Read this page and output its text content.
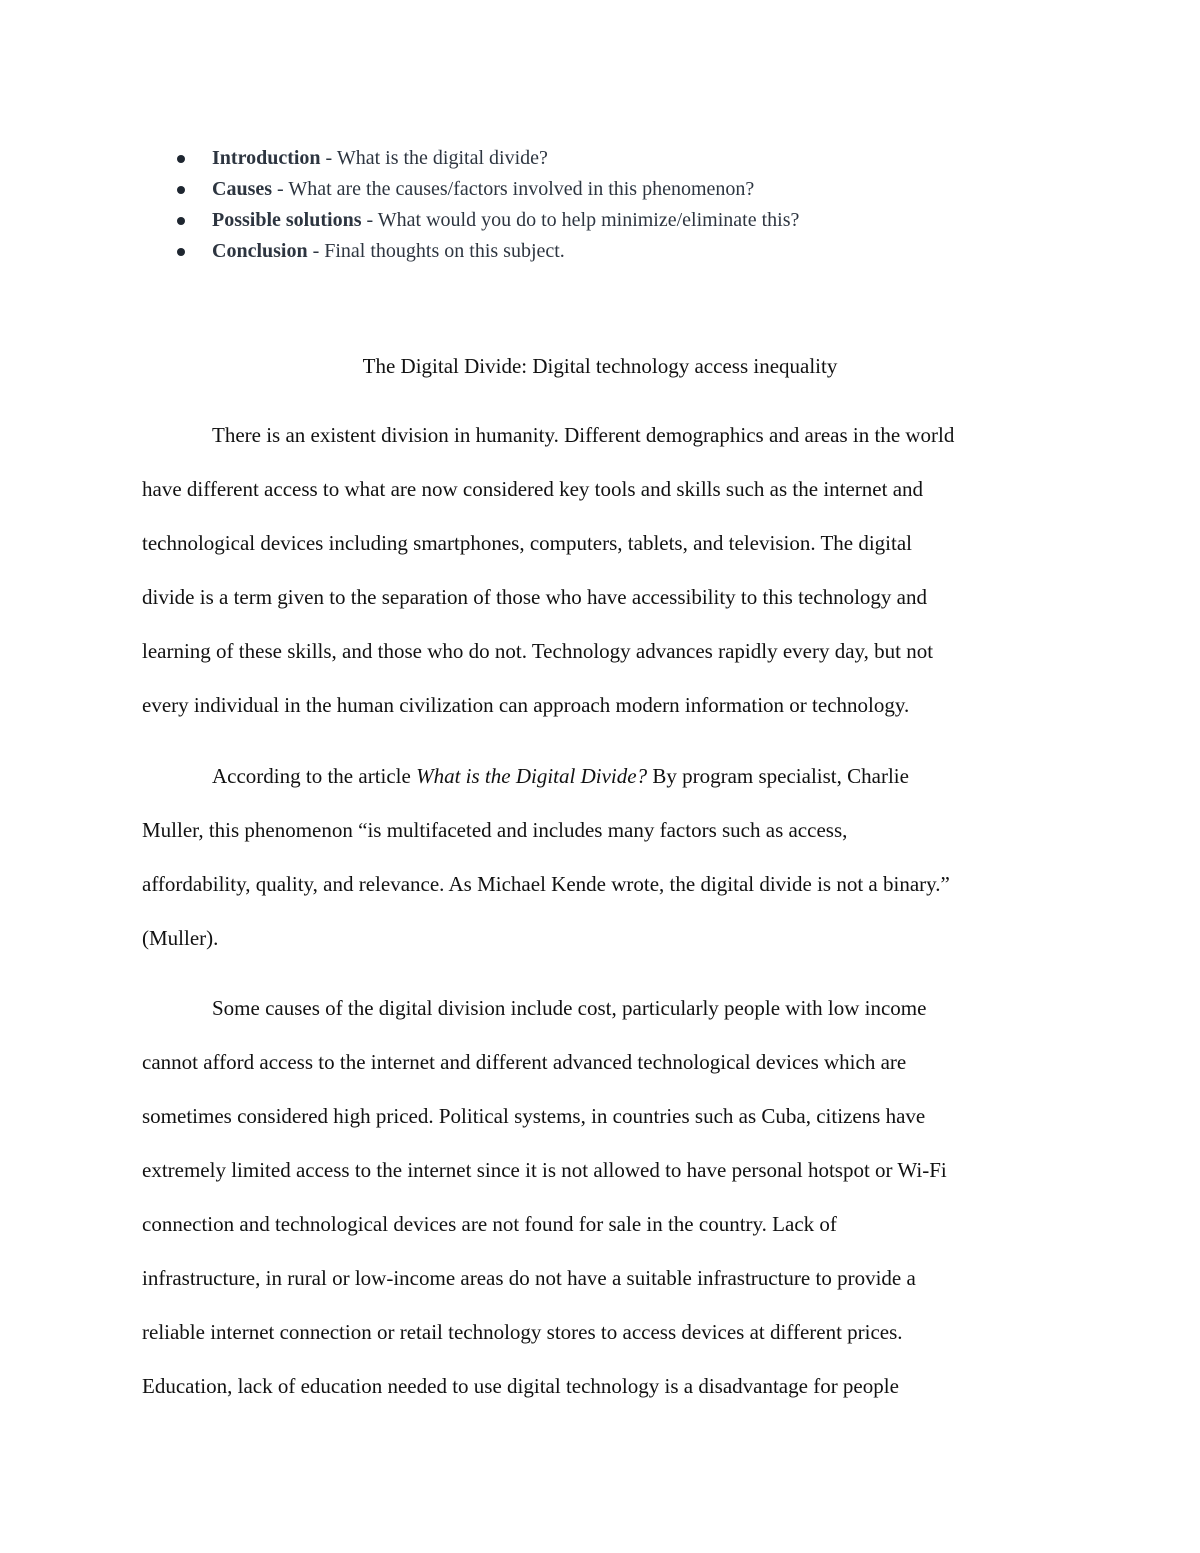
Introduction - What is the digital divide?
Causes - What are the causes/factors involved in this phenomenon?
Possible solutions - What would you do to help minimize/eliminate this?
Conclusion - Final thoughts on this subject.
The Digital Divide: Digital technology access inequality
There is an existent division in humanity. Different demographics and areas in the world
have different access to what are now considered key tools and skills such as the internet and
technological devices including smartphones, computers, tablets, and television. The digital
divide is a term given to the separation of those who have accessibility to this technology and
learning of these skills, and those who do not. Technology advances rapidly every day, but not
every individual in the human civilization can approach modern information or technology.
According to the article What is the Digital Divide? By program specialist, Charlie
Muller, this phenomenon “is multifaceted and includes many factors such as access,
affordability, quality, and relevance. As Michael Kende wrote, the digital divide is not a binary.”
(Muller).
Some causes of the digital division include cost, particularly people with low income
cannot afford access to the internet and different advanced technological devices which are
sometimes considered high priced. Political systems, in countries such as Cuba, citizens have
extremely limited access to the internet since it is not allowed to have personal hotspot or Wi-Fi
connection and technological devices are not found for sale in the country. Lack of
infrastructure, in rural or low-income areas do not have a suitable infrastructure to provide a
reliable internet connection or retail technology stores to access devices at different prices.
Education, lack of education needed to use digital technology is a disadvantage for people
